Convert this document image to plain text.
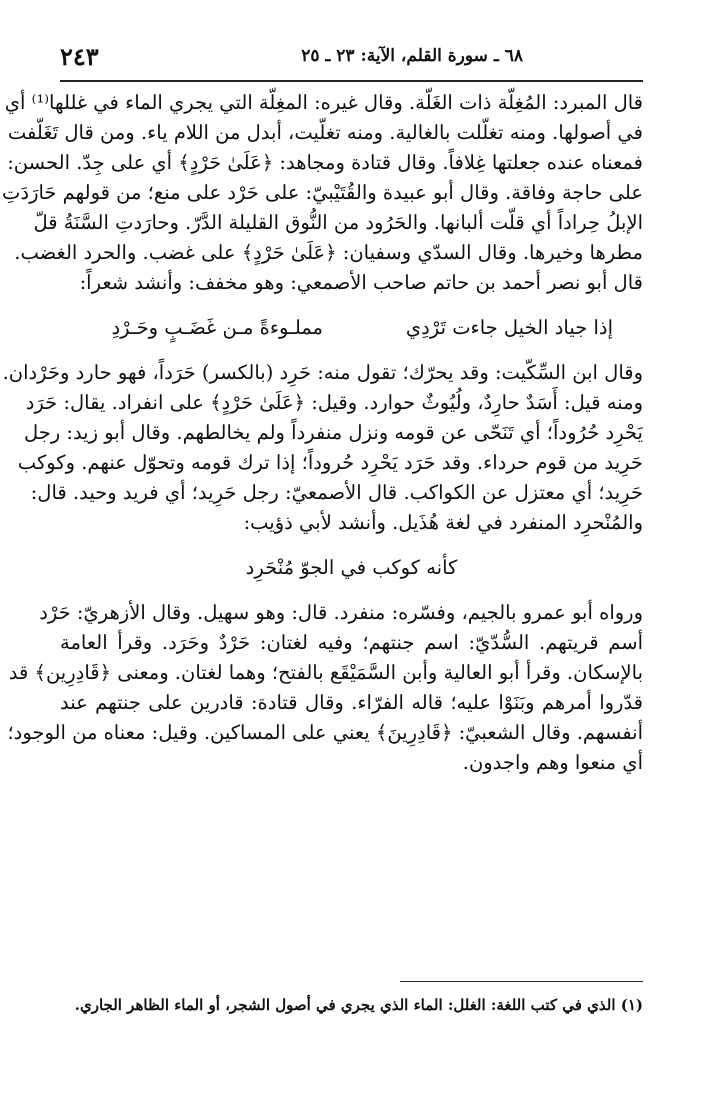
٦٨ ـ سورة القلم، الآية: ٢٣ ـ ٢٥
٢٤٣
قال المبرد: المُغِلّة ذات الغَلّة. وقال غيره: المغِلّة التي يجري الماء في غللها⁽¹⁾ أي
في أصولها. ومنه تغلّلت بالغالية. ومنه تغلّيت، أبدل من اللام ياء. ومن قال تَغَلّفت
فمعناه عنده جعلتها غِلافاً. وقال قتادة ومجاهد: ﴿عَلَىٰ حَرْدٍ﴾ أي على جِدّ. الحسن:
على حاجة وفاقة. وقال أبو عبيدة والقُتَيْبيّ: على حَرْد على منع؛ من قولهم حَارَدَتِ
الإبلُ حِراداً أي قلّت ألبانها. والحَرُود من النُّوق القليلة الدَّرّ. وحارَدتِ السَّنَةُ قلّ
مطرها وخيرها. وقال السدّي وسفيان: ﴿عَلَىٰ حَرْدٍ﴾ على غضب. والحرد الغضب.
قال أبو نصر أحمد بن حاتم صاحب الأصمعي: وهو مخفف: وأنشد شعراً:
إذا جياد الخيل جاءت تَرْدِي
مملـوءةً مـن غَضَـبٍ وحَـرْدِ
وقال ابن السِّكّيت: وقد يحرّك؛ تقول منه: حَرِد (بالكسر) حَرَداً، فهو حارد وحَرْدان.
ومنه قيل: أَسَدٌ حارِدٌ، ولُيُوثٌ حوارد. وقيل: ﴿عَلَىٰ حَرْدٍ﴾ على انفراد. يقال: حَرَد
يَحْرِد حُرُوداً؛ أي تَنَحّى عن قومه ونزل منفرداً ولم يخالطهم. وقال أبو زيد: رجل
حَرِيد من قوم حرداء. وقد حَرَد يَحْرِد حُروداً؛ إذا ترك قومه وتحوّل عنهم. وكوكب
حَرِيد؛ أي معتزل عن الكواكب. قال الأصمعيّ: رجل حَرِيد؛ أي فريد وحيد. قال:
والمُنْحرِد المنفرد في لغة هُذَيل. وأنشد لأبي ذؤيب:
كأنه كوكب في الجوّ مُنْحَرِد
ورواه أبو عمرو بالجيم، وفسّره: منفرد. قال: وهو سهيل. وقال الأزهريّ: حَرْد
أسم قريتهم. السُّدّيّ: اسم جنتهم؛ وفيه لغتان: حَرْدٌ وحَرَد. وقرأ العامة
بالإسكان. وقرأ أبو العالية وأبن السَّمَيْقَع بالفتح؛ وهما لغتان. ومعنى ﴿قَادِرِين﴾ قد
قدّروا أمرهم وبَنَوْا عليه؛ قاله الفرّاء. وقال قتادة: قادرين على جنتهم عند
أنفسهم. وقال الشعبيّ: ﴿قَادِرِينَ﴾ يعني على المساكين. وقيل: معناه من الوجود؛
أي منعوا وهم واجدون.
(١) الذي في كتب اللغة: الغلل: الماء الذي يجري في أصول الشجر، أو الماء الظاهر الجاري.
